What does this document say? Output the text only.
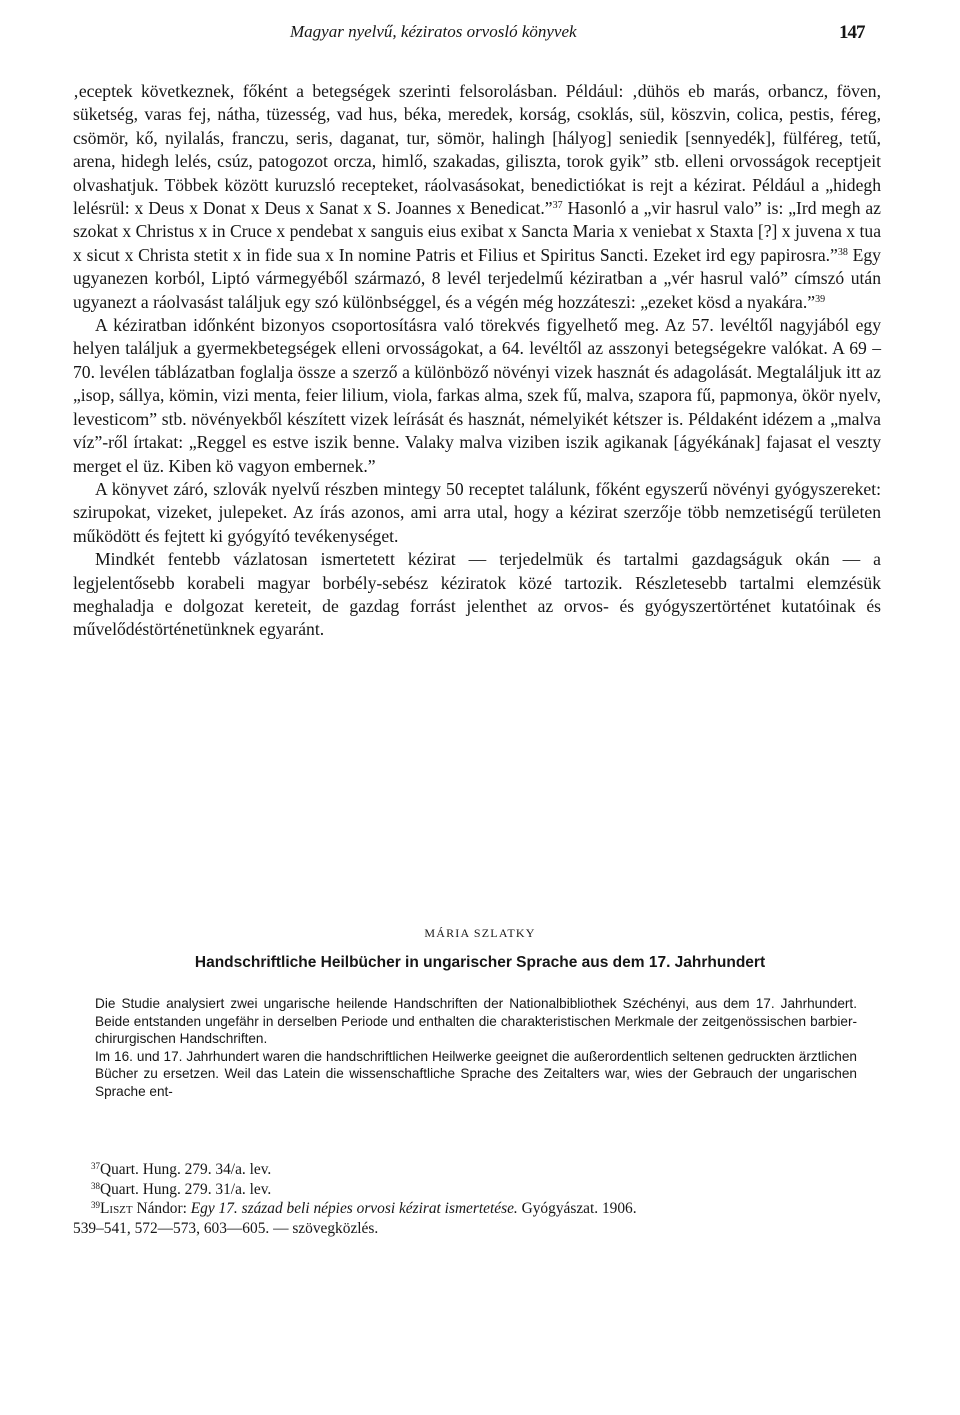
Magyar nyelvű, kéziratos orvosló könyvek	147

‚eceptek következnek, főként a betegségek szerinti felsorolásban. Például: ‚dühös eb marás, orbancz, föven, süketség, varas fej, nátha, tüzesség, vad hus, béka, meredek, korság, csoklás, sül, köszvin, colica, pestis, féreg, csömör, kő, nyilalás, franczu, seris, daganat, tur, sömör, halingh [hályog] seniedik [sennyedék], fülféreg, tetű, arena, hidegh lelés, csúz, patogozot orcza, himlő, szakadas, giliszta, torok gyik” stb. elleni orvosságok receptjeit olvashatjuk. Többek között kuruzsló recepteket, ráolvasásokat, benedictiókat is rejt a kézirat. Például a „hidegh lelésrül: x Deus x Donat x Deus x Sanat x S. Joannes x Benedicat.”$^{37}$ Hasonló a „vir hasrul valo” is: „Ird megh az szokat x Christus x in Cruce x pendebat x sanguis eius exibat x Sancta Maria x veniebat x Staxta [?] x juvena x tua x sicut x Christa stetit x in fide sua x In nomine Patris et Filius et Spiritus Sancti. Ezeket ird egy papirosra.”$^{38}$ Egy ugyanezen korból, Liptó vármegyéből származó, 8 levél terjedelmű kéziratban a „vér hasrul való” címszó után ugyanezt a ráolvasást találjuk egy szó különbséggel, és a végén még hozzáteszi: „ezeket kösd a nyakára.”$^{39}$

A kéziratban időnként bizonyos csoportosításra való törekvés figyelhető meg. Az 57. levéltől nagyjából egy helyen találjuk a gyermekbetegségek elleni orvosságokat, a 64. levéltől az asszonyi betegségekre valókat. A 69 – 70. levélen táblázatban foglalja össze a szerző a különböző növényi vizek hasznát és adagolását. Megtaláljuk itt az „isop, sállya, kömin, vizi menta, feier lilium, viola, farkas alma, szek fű, malva, szapora fű, papmonya, ökör nyelv, levesticom” stb. növényekből készített vizek leírását és hasznát, némelyikét kétszer is. Példaként idézem a „malva víz”-ről írtakat: „Reggel es estve iszik benne. Valaky malva viziben iszik agikanak [ágyékának] fajasat el veszty merget el üz. Kiben kö vagyon embernek.”

A könyvet záró, szlovák nyelvű részben mintegy 50 receptet találunk, főként egyszerű növényi gyógyszereket: szirupokat, vizeket, julepeket. Az írás azonos, ami arra utal, hogy a kézirat szerzője több nemzetiségű területen működött és fejtett ki gyógyító tevékenységet.

Mindkét fentebb vázlatosan ismertetett kézirat — terjedelmük és tartalmi gazdagságuk okán — a legjelentősebb korabeli magyar borbély-sebész kéziratok közé tartozik. Részletesebb tartalmi elemzésük meghaladja e dolgozat kereteit, de gazdag forrást jelenthet az orvos- és gyógyszertörténet kutatóinak és művelődéstörténetünknek egyaránt.

MÁRIA SZLATKY
Handschriftliche Heilbücher in ungarischer Sprache aus dem 17. Jahrhundert

Die Studie analysiert zwei ungarische heilende Handschriften der Nationalbibliothek Széchényi, aus dem 17. Jahrhundert. Beide entstanden ungefähr in derselben Periode und enthalten die charakteristischen Merkmale der zeitgenössischen barbier-chirurgischen Handschriften.

Im 16. und 17. Jahrhundert waren die handschriftlichen Heilwerke geeignet die außerordentlich seltenen gedruckten ärztlichen Bücher zu ersetzen. Weil das Latein die wissenschaftliche Sprache des Zeitalters war, wies der Gebrauch der ungarischen Sprache ent-

$^{37}$Quart. Hung. 279. 34/a. lev.

$^{38}$Quart. Hung. 279. 31/a. lev.

$^{39}$Liszt Nándor: Egy 17. század beli népies orvosi kézirat ismertetése. Gyógyászat. 1906.

539–541, 572—573, 603—605. — szövegközlés.
